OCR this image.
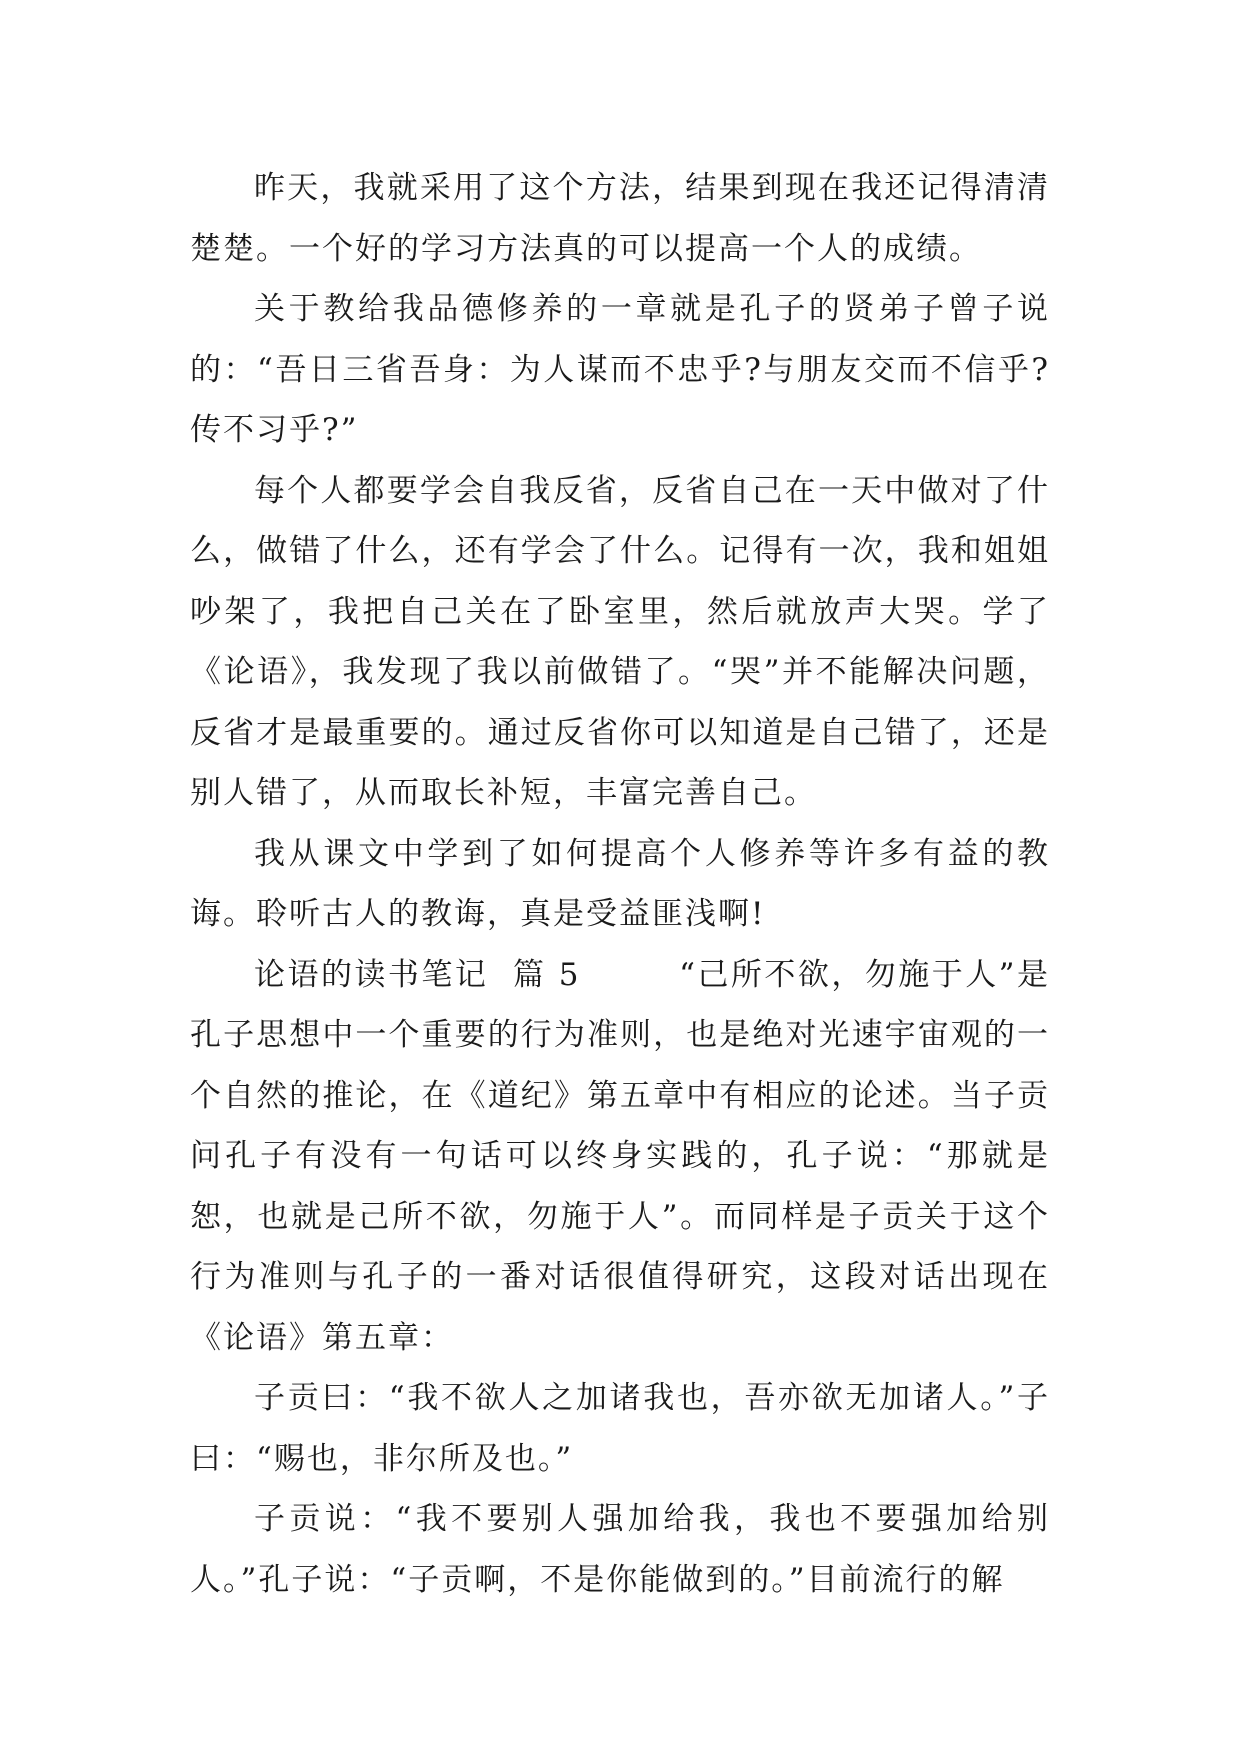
昨天，我就采用了这个方法，结果到现在我还记得清清楚楚。一个好的学习方法真的可以提高一个人的成绩。

关于教给我品德修养的一章就是孔子的贤弟子曾子说的：“吾日三省吾身：为人谋而不忠乎?与朋友交而不信乎?传不习乎?”

每个人都要学会自我反省，反省自己在一天中做对了什么，做错了什么，还有学会了什么。记得有一次，我和姐姐吵架了，我把自己关在了卧室里，然后就放声大哭。学了《论语》，我发现了我以前做错了。“哭”并不能解决问题，反省才是最重要的。通过反省你可以知道是自己错了，还是别人错了，从而取长补短，丰富完善自己。

我从课文中学到了如何提高个人修养等许多有益的教诲。聆听古人的教诲，真是受益匪浅啊!

论语的读书笔记  篇 5        “己所不欲，勿施于人”是孔子思想中一个重要的行为准则，也是绝对光速宇宙观的一个自然的推论，在《道纪》第五章中有相应的论述。当子贡问孔子有没有一句话可以终身实践的，孔子说：“那就是恕，也就是己所不欲，勿施于人”。而同样是子贡关于这个行为准则与孔子的一番对话很值得研究，这段对话出现在《论语》第五章：

子贡曰：“我不欲人之加诸我也，吾亦欲无加诸人。”子曰：“赐也，非尔所及也。”

子贡说：“我不要别人强加给我，我也不要强加给别人。”孔子说：“子贡啊，不是你能做到的。”目前流行的解
